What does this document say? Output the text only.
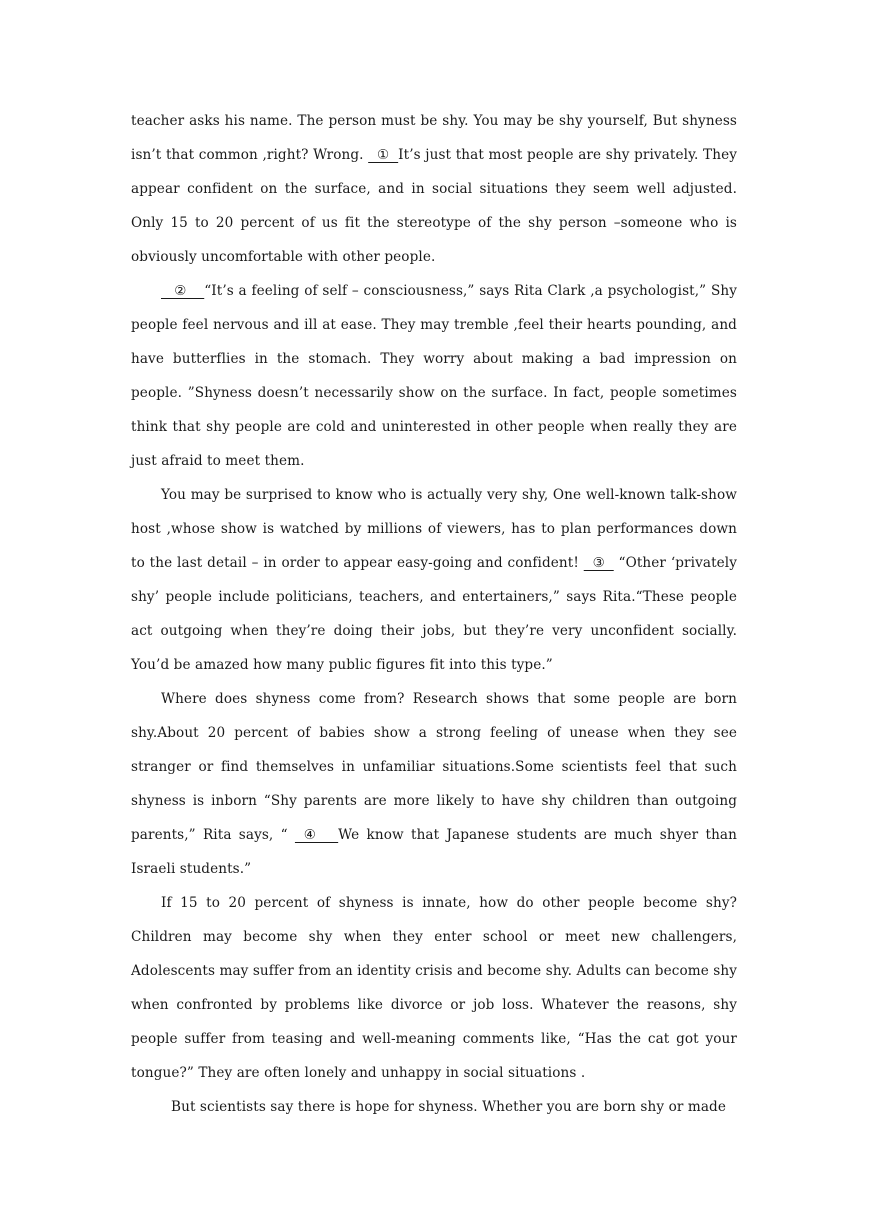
teacher asks his name. The person must be shy. You may be shy yourself, But shyness isn’t that common ,right? Wrong.   ①  It’s just that most people are shy privately. They appear confident on the surface, and in social situations they seem well adjusted. Only 15 to 20 percent of us fit the stereotype of the shy person –someone who is obviously uncomfortable with other people.

②    “It’s a feeling of self – consciousness,” says Rita Clark ,a psychologist,” Shy people feel nervous and ill at ease. They may tremble ,feel their hearts pounding, and have butterflies in the stomach. They worry about making a bad impression on people. ”Shyness doesn’t necessarily show on the surface. In fact, people sometimes think that shy people are cold and uninterested in other people when really they are just afraid to meet them.

You may be surprised to know who is actually very shy, One well-known talk-show host ,whose show is watched by millions of viewers, has to plan performances down to the last detail – in order to appear easy-going and confident!   ③   “Other ‘privately shy’ people include politicians, teachers, and entertainers,” says Rita.“These people act outgoing when they’re doing their jobs, but they’re very unconfident socially. You’d be amazed how many public figures fit into this type.”

Where does shyness come from? Research shows that some people are born shy.About 20 percent of babies show a strong feeling of unease when they see stranger or find themselves in unfamiliar situations.Some scientists feel that such shyness is inborn “Shy parents are more likely to have shy children than outgoing parents,” Rita says, “   ④     We know that Japanese students are much shyer than Israeli students.”

If 15 to 20 percent of shyness is innate, how do other people become shy? Children may become shy when they enter school or meet new challengers, Adolescents may suffer from an identity crisis and become shy. Adults can become shy when confronted by problems like divorce or job loss. Whatever the reasons, shy people suffer from teasing and well-meaning comments like, “Has the cat got your tongue?” They are often lonely and unhappy in social situations .

But scientists say there is hope for shyness. Whether you are born shy or made
